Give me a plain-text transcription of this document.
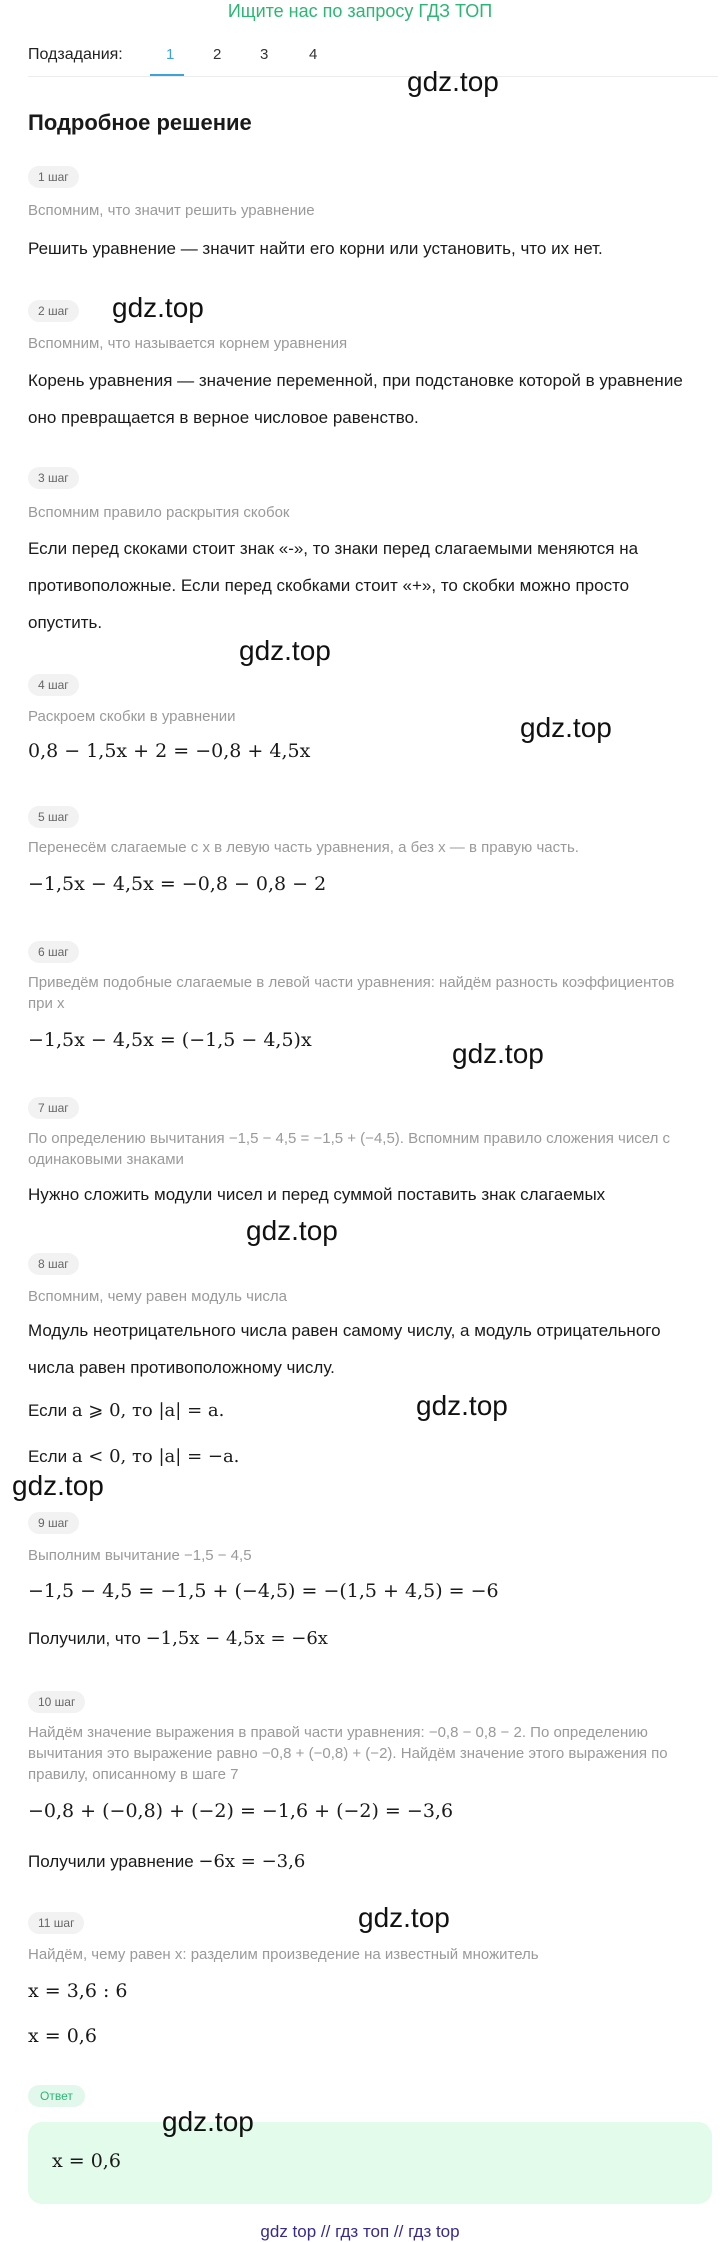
Ищите нас по запросу ГДЗ ТОП
Подзадания:	1	2	3	4
Подробное решение
1 шаг
Вспомним, что значит решить уравнение
Решить уравнение — значит найти его корни или установить, что их нет.
2 шаг
Вспомним, что называется корнем уравнения
Корень уравнения — значение переменной, при подстановке которой в уравнение оно превращается в верное числовое равенство.
3 шаг
Вспомним правило раскрытия скобок
Если перед скоками стоит знак «-», то знаки перед слагаемыми меняются на противоположные. Если перед скобками стоит «+», то скобки можно просто опустить.
4 шаг
Раскроем скобки в уравнении
0,8 − 1,5x + 2 = −0,8 + 4,5x
5 шаг
Перенесём слагаемые с x в левую часть уравнения, а без x — в правую часть.
−1,5x − 4,5x = −0,8 − 0,8 − 2
6 шаг
Приведём подобные слагаемые в левой части уравнения: найдём разность коэффициентов при x
−1,5x − 4,5x = (−1,5 − 4,5)x
7 шаг
По определению вычитания −1,5 − 4,5 = −1,5 + (−4,5). Вспомним правило сложения чисел с одинаковыми знаками
Нужно сложить модули чисел и перед суммой поставить знак слагаемых
8 шаг
Вспомним, чему равен модуль числа
Модуль неотрицательного числа равен самому числу, а модуль отрицательного числа равен противоположному числу.
Если a ⩾ 0, то |a| = a.
Если a < 0, то |a| = −a.
9 шаг
Выполним вычитание −1,5 − 4,5
−1,5 − 4,5 = −1,5 + (−4,5) = −(1,5 + 4,5) = −6
Получили, что −1,5x − 4,5x = −6x
10 шаг
Найдём значение выражения в правой части уравнения: −0,8 − 0,8 − 2. По определению вычитания это выражение равно −0,8 + (−0,8) + (−2). Найдём значение этого выражения по правилу, описанному в шаге 7
−0,8 + (−0,8) + (−2) = −1,6 + (−2) = −3,6
Получили уравнение −6x = −3,6
11 шаг
Найдём, чему равен x: разделим произведение на известный множитель
x = 3,6 : 6
x = 0,6
Ответ
x = 0,6
gdz.top
gdz.top
gdz.top
gdz.top
gdz.top
gdz.top
gdz.top
gdz.top
gdz.top
gdz.top
gdz top // гдз топ // гдз top
